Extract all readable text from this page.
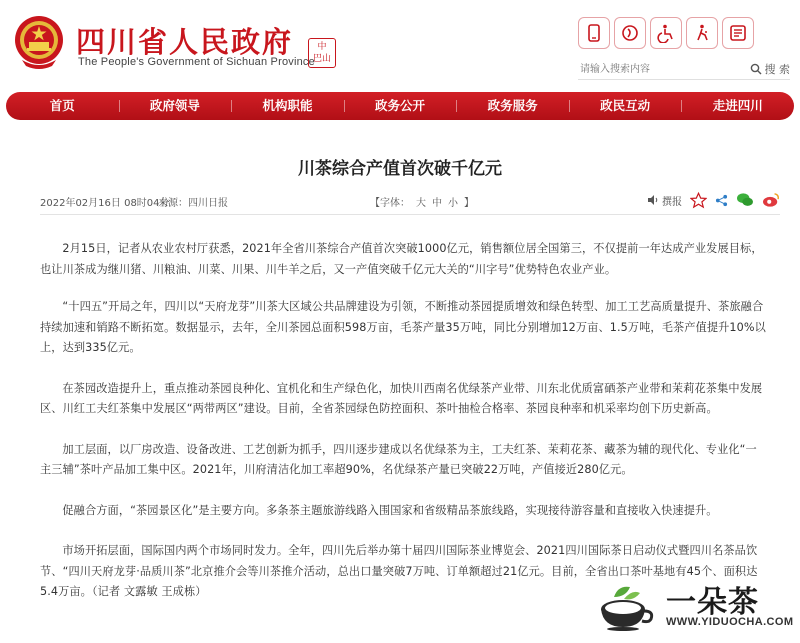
四川省人民政府
The People's Government of Sichuan Province
中
巴山
请输入搜索内容
搜 索
首页	政府领导	机构职能	政务公开	政务服务	政民互动	走进四川
川茶综合产值首次破千亿元
2022年02月16日 08时04分
来源：四川日报	【字体： 大 中 小 】	撰报

2月15日，记者从农业农村厅获悉，2021年全省川茶综合产值首次突破1000亿元，销售额位居全国第三，不仅提前一年达成产业发展目标，也让川茶成为继川猪、川粮油、川菜、川果、川牛羊之后，又一产值突破千亿元大关的“川字号”优势特色农业产业。

“十四五”开局之年，四川以“天府龙芽”川茶大区域公共品牌建设为引领，不断推动茶园提质增效和绿色转型、加工工艺高质量提升、茶旅融合持续加速和销路不断拓宽。数据显示，去年，全川茶园总面积598万亩，毛茶产量35万吨，同比分别增加12万亩、1.5万吨，毛茶产值提升10%以上，达到335亿元。

在茶园改造提升上，重点推动茶园良种化、宜机化和生产绿色化，加快川西南名优绿茶产业带、川东北优质富硒茶产业带和茉莉花茶集中发展区、川红工夫红茶集中发展区“两带两区”建设。目前，全省茶园绿色防控面积、茶叶抽检合格率、茶园良种率和机采率均创下历史新高。

加工层面，以厂房改造、设备改进、工艺创新为抓手，四川逐步建成以名优绿茶为主，工夫红茶、茉莉花茶、藏茶为辅的现代化、专业化“一主三辅”茶叶产品加工集中区。2021年，川府清洁化加工率超90%，名优绿茶产量已突破22万吨，产值接近280亿元。

促融合方面，“茶园景区化”是主要方向。多条茶主题旅游线路入围国家和省级精品茶旅线路，实现接待游容量和直接收入快速提升。

市场开拓层面，国际国内两个市场同时发力。全年，四川先后举办第十届四川国际茶业博览会、2021四川国际茶日启动仪式暨四川名茶品饮节、“四川天府龙芽·品质川茶”北京推介会等川茶推介活动，总出口量突破7万吨、订单额超过21亿元。目前，全省出口茶叶基地有45个、面积达5.4万亩。（记者 文露敏 王成栋）	一朵茶
WWW.YIDUOCHA.COM
